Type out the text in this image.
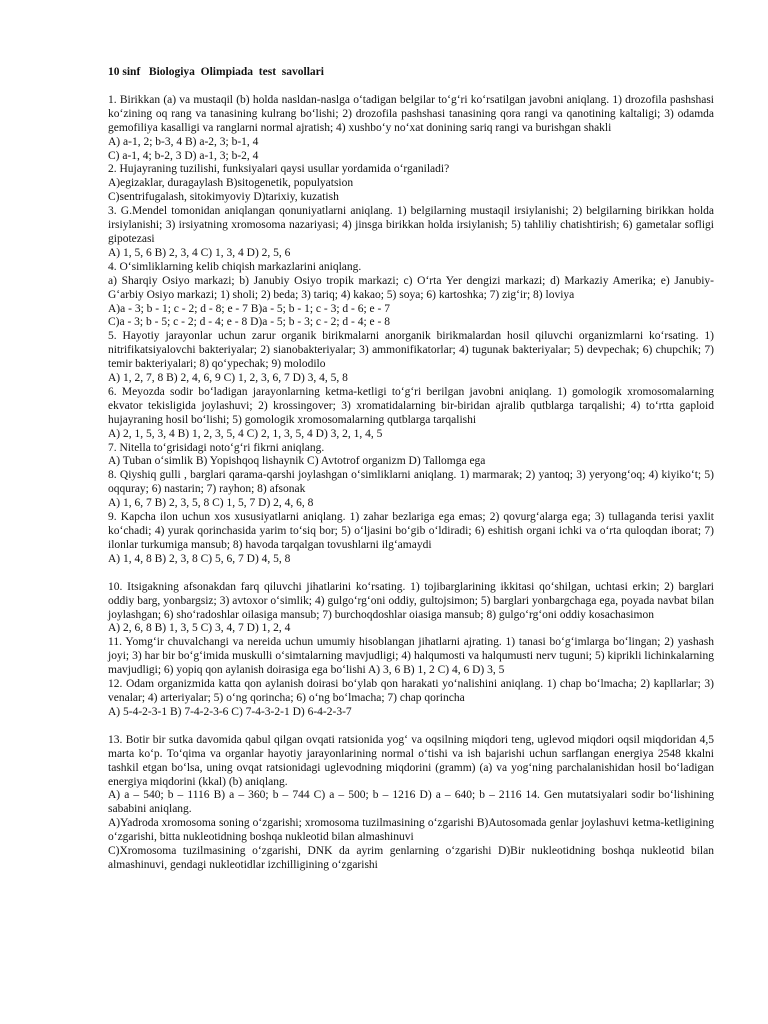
10 sinf   Biologiya  Olimpiada  test  savollari

1. Birikkan (a) va mustaqil (b) holda nasldan-naslga o‘tadigan belgilar to‘g‘ri ko‘rsatilgan javobni aniqlang. 1) drozofila pashshasi ko‘zining oq rang va tanasining kulrang bo‘lishi; 2) drozofila pashshasi tanasining qora rangi va qanotining kaltaligi; 3) odamda gemofiliya kasalligi va ranglarni normal ajratish; 4) xushbo‘y no‘xat donining sariq rangi va burishgan shakli

A) a-1, 2; b-3, 4 B) a-2, 3; b-1, 4

C) a-1, 4; b-2, 3 D) a-1, 3; b-2, 4

2. Hujayraning tuzilishi, funksiyalari qaysi usullar yordamida o‘rganiladi?

A)egizaklar, duragaylash B)sitogenetik, populyatsion

C)sentrifugalash, sitokimyoviy D)tarixiy, kuzatish

3. G.Mendel tomonidan aniqlangan qonuniyatlarni aniqlang. 1) belgilarning mustaqil irsiylanishi; 2) belgilarning birikkan holda irsiylanishi; 3) irsiyatning xromosoma nazariyasi; 4) jinsga birikkan holda irsiylanish; 5) tahliliy chatishtirish; 6) gametalar sofligi gipotezasi

A) 1, 5, 6 B) 2, 3, 4 C) 1, 3, 4 D) 2, 5, 6

4. O‘simliklarning kelib chiqish markazlarini aniqlang.

a) Sharqiy Osiyo markazi; b) Janubiy Osiyo tropik markazi; c) O‘rta Yer dengizi markazi; d) Markaziy Amerika; e) Janubiy-G‘arbiy Osiyo markazi; 1) sholi; 2) beda; 3) tariq; 4) kakao; 5) soya; 6) kartoshka; 7) zig‘ir; 8) loviya

A)a - 3; b - 1; c - 2; d - 8; e - 7 B)a - 5; b - 1; c - 3; d - 6; e - 7

C)a - 3; b - 5; c - 2; d - 4; e - 8 D)a - 5; b - 3; c - 2; d - 4; e - 8

5. Hayotiy jarayonlar uchun zarur organik birikmalarni anorganik birikmalardan hosil qiluvchi organizmlarni ko‘rsating. 1) nitrifikatsiyalovchi bakteriyalar; 2) sianobakteriyalar; 3) ammonifikatorlar; 4) tugunak bakteriyalar; 5) devpechak; 6) chupchik; 7) temir bakteriyalari; 8) qo‘ypechak; 9) molodilo

A) 1, 2, 7, 8 B) 2, 4, 6, 9 C) 1, 2, 3, 6, 7 D) 3, 4, 5, 8

6. Meyozda sodir bo‘ladigan jarayonlarning ketma-ketligi to‘g‘ri berilgan javobni aniqlang. 1) gomologik xromosomalarning ekvator tekisligida joylashuvi; 2) krossingover; 3) xromatidalarning bir-biridan ajralib qutblarga tarqalishi; 4) to‘rtta gaploid hujayraning hosil bo‘lishi; 5) gomologik xromosomalarning qutblarga tarqalishi

A) 2, 1, 5, 3, 4 B) 1, 2, 3, 5, 4 C) 2, 1, 3, 5, 4 D) 3, 2, 1, 4, 5

7. Nitella to‘grisidagi noto‘g‘ri fikrni aniqlang.

A) Tuban o‘simlik B) Yopishqoq lishaynik C) Avtotrof organizm D) Tallomga ega

8. Qiyshiq gulli , barglari qarama-qarshi joylashgan o‘simliklarni aniqlang. 1) marmarak; 2) yantoq; 3) yeryong‘oq; 4) kiyiko‘t; 5) oqquray; 6) nastarin; 7) rayhon; 8) afsonak

A) 1, 6, 7 B) 2, 3, 5, 8 C) 1, 5, 7 D) 2, 4, 6, 8

9. Kapcha ilon uchun xos xususiyatlarni aniqlang. 1) zahar bezlariga ega emas; 2) qovurg‘alarga ega; 3) tullaganda terisi yaxlit ko‘chadi; 4) yurak qorinchasida yarim to‘siq bor; 5) o‘ljasini bo‘gib o‘ldiradi; 6) eshitish organi ichki va o‘rta quloqdan iborat; 7) ilonlar turkumiga mansub; 8) havoda tarqalgan tovushlarni ilg‘amaydi

A) 1, 4, 8 B) 2, 3, 8 C) 5, 6, 7 D) 4, 5, 8

10. Itsigakning afsonakdan farq qiluvchi jihatlarini ko‘rsating. 1) tojibarglarining ikkitasi qo‘shilgan, uchtasi erkin; 2) barglari oddiy barg, yonbargsiz; 3) avtoxor o‘simlik; 4) gulgo‘rg‘oni oddiy, gultojsimon; 5) barglari yonbargchaga ega, poyada navbat bilan joylashgan; 6) sho‘radoshlar oilasiga mansub; 7) burchoqdoshlar oiasiga mansub; 8) gulgo‘rg‘oni oddiy kosachasimon

A) 2, 6, 8 B) 1, 3, 5 C) 3, 4, 7 D) 1, 2, 4

11. Yomg‘ir chuvalchangi va nereida uchun umumiy hisoblangan jihatlarni ajrating. 1) tanasi bo‘g‘imlarga bo‘lingan; 2) yashash joyi; 3) har bir bo‘g‘imida muskulli o‘simtalarning mavjudligi; 4) halqumosti va halqumusti nerv tuguni; 5) kiprikli lichinkalarning mavjudligi; 6) yopiq qon aylanish doirasiga ega bo‘lishi A) 3, 6 B) 1, 2 C) 4, 6 D) 3, 5

12. Odam organizmida katta qon aylanish doirasi bo‘ylab qon harakati yo‘nalishini aniqlang. 1) chap bo‘lmacha; 2) kapllarlar; 3) venalar; 4) arteriyalar; 5) o‘ng qorincha; 6) o‘ng bo‘lmacha; 7) chap qorincha

A) 5-4-2-3-1 B) 7-4-2-3-6 C) 7-4-3-2-1 D) 6-4-2-3-7

13. Botir bir sutka davomida qabul qilgan ovqati ratsionida yog‘ va oqsilning miqdori teng, uglevod miqdori oqsil miqdoridan 4,5 marta ko‘p. To‘qima va organlar hayotiy jarayonlarining normal o‘tishi va ish bajarishi uchun sarflangan energiya 2548 kkalni tashkil etgan bo‘lsa, uning ovqat ratsionidagi uglevodning miqdorini (gramm) (a) va yog‘ning parchalanishidan hosil bo‘ladigan energiya miqdorini (kkal) (b) aniqlang.

A) a – 540; b – 1116 B) a – 360; b – 744 C) a – 500; b – 1216 D) a – 640; b – 2116 14. Gen mutatsiyalari sodir bo‘lishining sababini aniqlang.

A)Yadroda xromosoma soning o‘zgarishi; xromosoma tuzilmasining o‘zgarishi B)Autosomada genlar joylashuvi ketma-ketligining o‘zgarishi, bitta nukleotidning boshqa nukleotid bilan almashinuvi

C)Xromosoma tuzilmasining o‘zgarishi, DNK da ayrim genlarning o‘zgarishi D)Bir nukleotidning boshqa nukleotid bilan almashinuvi, gendagi nukleotidlar izchilligining o‘zgarishi
